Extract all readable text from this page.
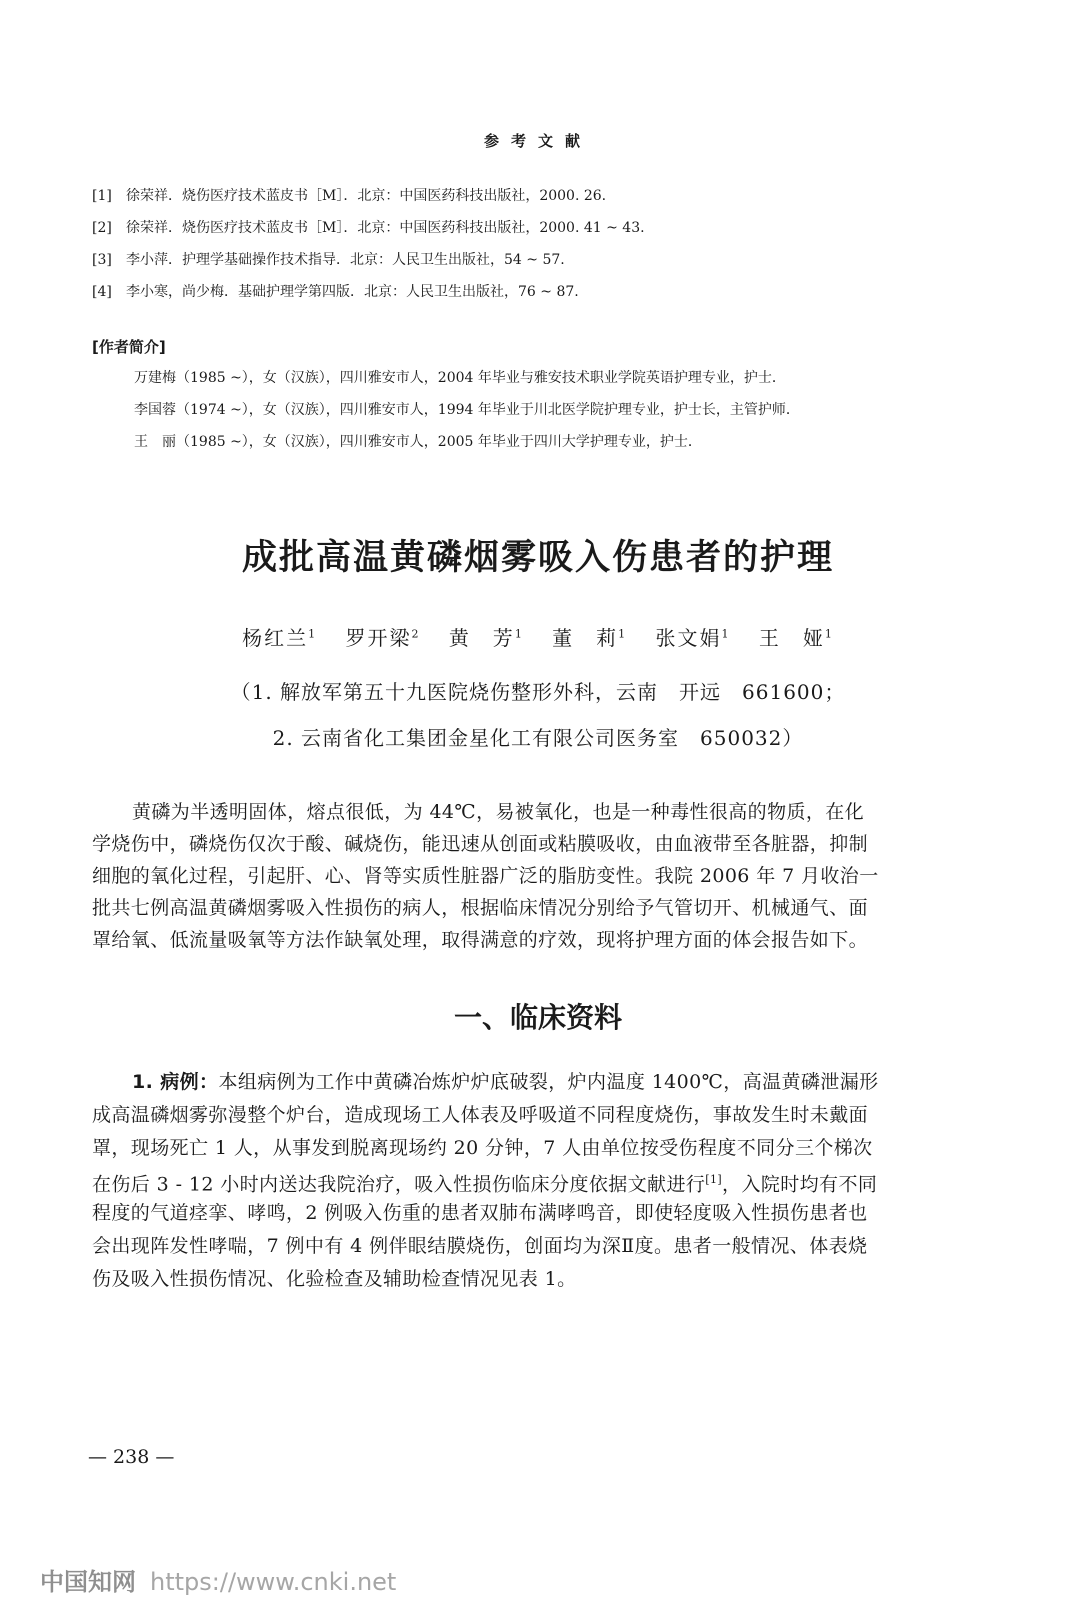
参考文献
[1] 徐荣祥．烧伤医疗技术蓝皮书［M］．北京：中国医药科技出版社，2000. 26.
[2] 徐荣祥．烧伤医疗技术蓝皮书［M］．北京：中国医药科技出版社，2000. 41 ~ 43.
[3] 李小萍．护理学基础操作技术指导．北京：人民卫生出版社，54 ~ 57.
[4] 李小寒，尚少梅．基础护理学第四版．北京：人民卫生出版社，76 ~ 87.
[作者简介]
万建梅（1985 ~），女（汉族），四川雅安市人，2004 年毕业与雅安技术职业学院英语护理专业，护士．
李国蓉（1974 ~），女（汉族），四川雅安市人，1994 年毕业于川北医学院护理专业，护士长，主管护师．
王　丽（1985 ~），女（汉族），四川雅安市人，2005 年毕业于四川大学护理专业，护士．
成批高温黄磷烟雾吸入伤患者的护理
杨红兰$^1$ 罗开梁$^2$ 黄　芳$^1$ 董　莉$^1$ 张文娟$^1$ 王　娅$^1$
（1. 解放军第五十九医院烧伤整形外科，云南　开远　661600；
2. 云南省化工集团金星化工有限公司医务室　650032）
黄磷为半透明固体，熔点很低，为 44℃，易被氧化，也是一种毒性很高的物质，在化
学烧伤中，磷烧伤仅次于酸、碱烧伤，能迅速从创面或粘膜吸收，由血液带至各脏器，抑制
细胞的氧化过程，引起肝、心、肾等实质性脏器广泛的脂肪变性。我院 2006 年 7 月收治一
批共七例高温黄磷烟雾吸入性损伤的病人，根据临床情况分别给予气管切开、机械通气、面
罩给氧、低流量吸氧等方法作缺氧处理，取得满意的疗效，现将护理方面的体会报告如下。
一、临床资料
1. 病例：本组病例为工作中黄磷冶炼炉炉底破裂，炉内温度 1400℃，高温黄磷泄漏形
成高温磷烟雾弥漫整个炉台，造成现场工人体表及呼吸道不同程度烧伤，事故发生时未戴面
罩，现场死亡 1 人，从事发到脱离现场约 20 分钟，7 人由单位按受伤程度不同分三个梯次
在伤后 3 - 12 小时内送达我院治疗，吸入性损伤临床分度依据文献进行[1]，入院时均有不同
程度的气道痉挛、哮鸣，2 例吸入伤重的患者双肺布满哮鸣音，即使轻度吸入性损伤患者也
会出现阵发性哮喘，7 例中有 4 例伴眼结膜烧伤，创面均为深Ⅱ度。患者一般情况、体表烧
伤及吸入性损伤情况、化验检查及辅助检查情况见表 1。
— 238 —
中国知网 https://www.cnki.net
